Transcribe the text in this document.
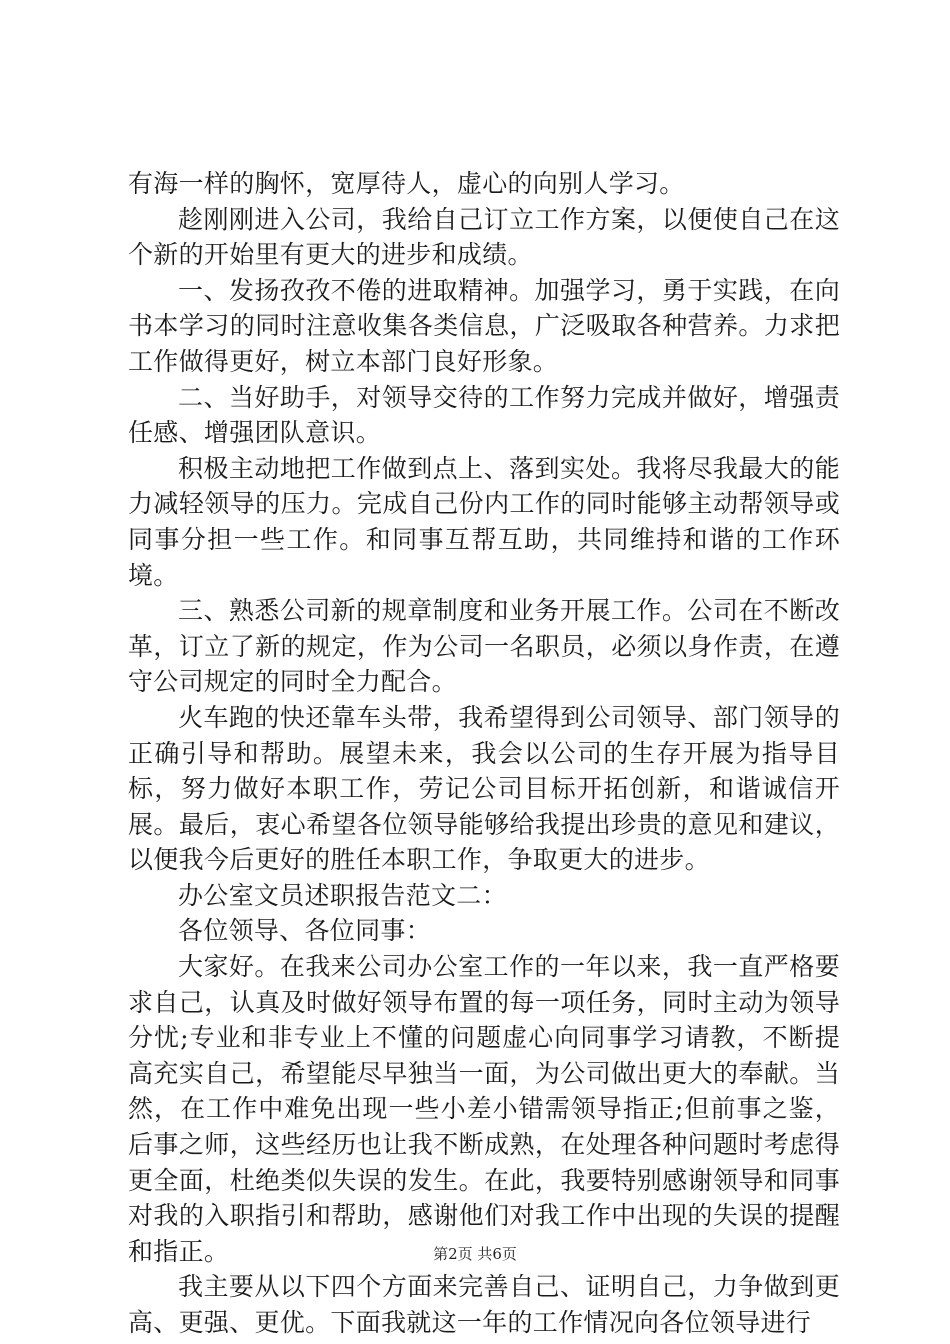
有海一样的胸怀，宽厚待人，虚心的向别人学习。

趁刚刚进入公司，我给自己订立工作方案，以便使自己在这个新的开始里有更大的进步和成绩。

一、发扬孜孜不倦的进取精神。加强学习，勇于实践，在向书本学习的同时注意收集各类信息，广泛吸取各种营养。力求把工作做得更好，树立本部门良好形象。

二、当好助手，对领导交待的工作努力完成并做好，增强责任感、增强团队意识。

积极主动地把工作做到点上、落到实处。我将尽我最大的能力减轻领导的压力。完成自己份内工作的同时能够主动帮领导或同事分担一些工作。和同事互帮互助，共同维持和谐的工作环境。

三、熟悉公司新的规章制度和业务开展工作。公司在不断改革，订立了新的规定，作为公司一名职员，必须以身作责，在遵守公司规定的同时全力配合。

火车跑的快还靠车头带，我希望得到公司领导、部门领导的正确引导和帮助。展望未来，我会以公司的生存开展为指导目标，努力做好本职工作，劳记公司目标开拓创新，和谐诚信开展。最后，衷心希望各位领导能够给我提出珍贵的意见和建议，以便我今后更好的胜任本职工作，争取更大的进步。

办公室文员述职报告范文二：

各位领导、各位同事：

大家好。在我来公司办公室工作的一年以来，我一直严格要求自己，认真及时做好领导布置的每一项任务，同时主动为领导分忧;专业和非专业上不懂的问题虚心向同事学习请教，不断提高充实自己，希望能尽早独当一面，为公司做出更大的奉献。当然，在工作中难免出现一些小差小错需领导指正;但前事之鉴，后事之师，这些经历也让我不断成熟，在处理各种问题时考虑得更全面，杜绝类似失误的发生。在此，我要特别感谢领导和同事对我的入职指引和帮助，感谢他们对我工作中出现的失误的提醒和指正。

我主要从以下四个方面来完善自己、证明自己，力争做到更高、更强、更优。下面我就这一年的工作情况向各位领导进行

第2页 共6页
